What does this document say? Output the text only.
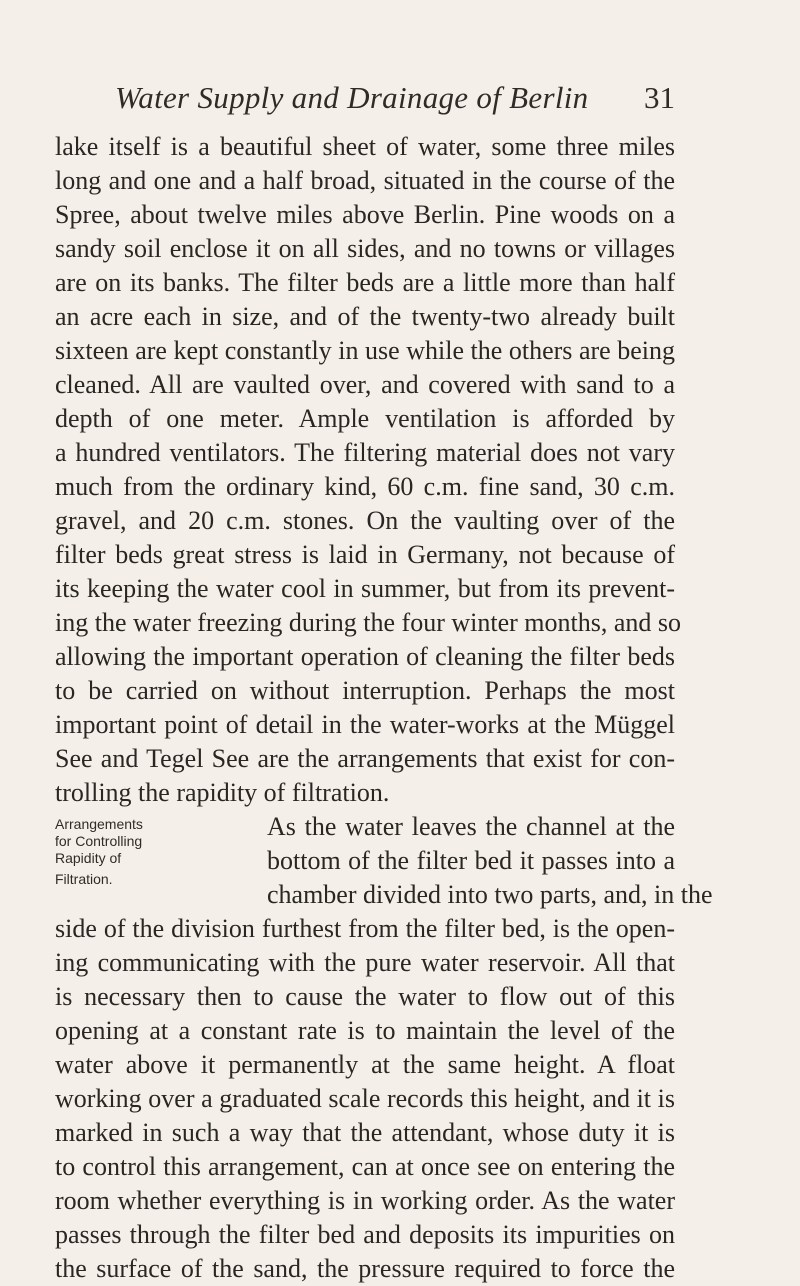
Water Supply and Drainage of Berlin 31
lake itself is a beautiful sheet of water, some three miles
long and one and a half broad, situated in the course of the
Spree, about twelve miles above Berlin. Pine woods on a
sandy soil enclose it on all sides, and no towns or villages
are on its banks. The filter beds are a little more than half
an acre each in size, and of the twenty-two already built
sixteen are kept constantly in use while the others are being
cleaned. All are vaulted over, and covered with sand to a
depth of one meter. Ample ventilation is afforded by
a hundred ventilators. The filtering material does not vary
much from the ordinary kind, 60 c.m. fine sand, 30 c.m.
gravel, and 20 c.m. stones. On the vaulting over of the
filter beds great stress is laid in Germany, not because of
its keeping the water cool in summer, but from its prevent-
ing the water freezing during the four winter months, and so
allowing the important operation of cleaning the filter beds
to be carried on without interruption. Perhaps the most
important point of detail in the water-works at the Müggel
See and Tegel See are the arrangements that exist for con-
trolling the rapidity of filtration.
Arrangements
for Controlling
Rapidity of
Filtration.
As the water leaves the channel at the
bottom of the filter bed it passes into a
chamber divided into two parts, and, in the
side of the division furthest from the filter bed, is the open-
ing communicating with the pure water reservoir. All that
is necessary then to cause the water to flow out of this
opening at a constant rate is to maintain the level of the
water above it permanently at the same height. A float
working over a graduated scale records this height, and it is
marked in such a way that the attendant, whose duty it is
to control this arrangement, can at once see on entering the
room whether everything is in working order. As the water
passes through the filter bed and deposits its impurities on
the surface of the sand, the pressure required to force the
